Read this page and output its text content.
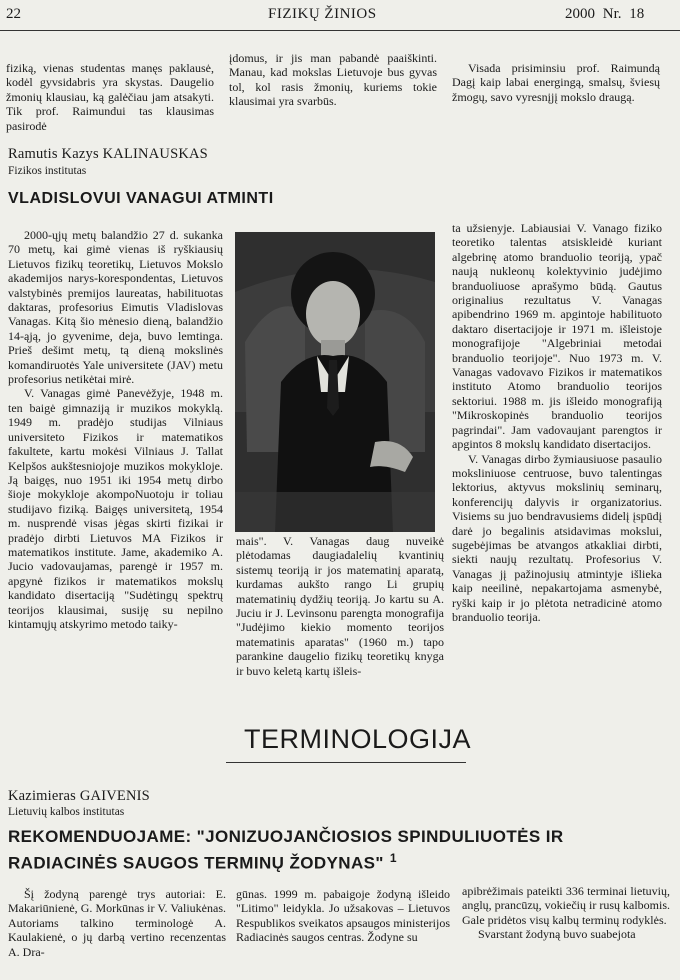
22	FIZIKŲ ŽINIOS	2000 Nr. 18

fiziką, vienas studentas manęs paklausė, kodėl gyvsidabris yra skystas. Daugelio žmonių klausiau, ką galėčiau jam atsakyti. Tik prof. Raimundui tas klausimas pasirodė

įdomus, ir jis man pabandė paaiškinti. Manau, kad mokslas Lietuvoje bus gyvas tol, kol rasis žmonių, kuriems tokie klausimai yra svarbūs.

Visada prisiminsiu prof. Raimundą Dagį kaip labai energingą, smalsų, šviesų žmogų, savo vyresnįjį mokslo draugą.

Ramutis Kazys KALINAUSKAS
Fizikos institutas
VLADISLOVUI VANAGUI ATMINTI

2000-ųjų metų balandžio 27 d. sukanka 70 metų, kai gimė vienas iš ryškiausių Lietuvos fizikų teoretikų, Lietuvos Mokslo akademijos narys-korespondentas, Lietuvos valstybinės premijos laureatas, habilituotas daktaras, profesorius Eimutis Vladislovas Vanagas. Kitą šio mėnesio dieną, balandžio 14-ąją, jo gyvenime, deja, buvo lemtinga. Prieš dešimt metų, tą dieną mokslinės komandiruotės Yale universitete (JAV) metu profesorius netikėtai mirė.

V. Vanagas gimė Panevėžyje, 1948 m. ten baigė gimnaziją ir muzikos mokyklą. 1949 m. pradėjo studijas Vilniaus universiteto Fizikos ir matematikos fakultete, kartu mokėsi Vilniaus J. Tallat Kelpšos aukštesniojoje muzikos mokykloje. Ją baigęs, nuo 1951 iki 1954 metų dirbo šioje mokykloje akompoNuotoju ir toliau studijavo fiziką. Baigęs universitetą, 1954 m. nusprendė visas jėgas skirti fizikai ir pradėjo dirbti Lietuvos MA Fizikos ir matematikos institute. Jame, akademiko A. Jucio vadovaujamas, parengė ir 1957 m. apgynė fizikos ir matematikos mokslų kandidato disertaciją "Sudėtingų spektrų teorijos klausimai, susiję su nepilno kintamųjų atskyrimo metodo taiky-

mais". V. Vanagas daug nuveikė plėtodamas daugiadalelių kvantinių sistemų teoriją ir jos matematinį aparatą, kurdamas aukšto rango Li grupių matematinių dydžių teoriją. Jo kartu su A. Juciu ir J. Levinsonu parengta monografija "Judėjimo kiekio momento teorijos matematinis aparatas" (1960 m.) tapo parankine daugelio fizikų teoretikų knyga ir buvo keletą kartų išleis-

ta užsienyje. Labiausiai V. Vanago fiziko teoretiko talentas atsiskleidė kuriant algebrinę atomo branduolio teoriją, ypač naują nukleonų kolektyvinio judėjimo branduoliuose aprašymo būdą. Gautus originalius rezultatus V. Vanagas apibendrino 1969 m. apgintoje habilituoto daktaro disertacijoje ir 1971 m. išleistoje monografijoje "Algebriniai metodai branduolio teorijoje". Nuo 1973 m. V. Vanagas vadovavo Fizikos ir matematikos instituto Atomo branduolio teorijos sektoriui. 1988 m. jis išleido monografiją "Mikroskopinės branduolio teorijos pagrindai". Jam vadovaujant parengtos ir apgintos 8 mokslų kandidato disertacijos.

V. Vanagas dirbo žymiausiuose pasaulio moksliniuose centruose, buvo talentingas lektorius, aktyvus mokslinių seminarų, konferencijų dalyvis ir organizatorius. Visiems su juo bendravusiems didelį įspūdį darė jo begalinis atsidavimas mokslui, sugebėjimas be atvangos atkakliai dirbti, siekti naujų rezultatų. Profesorius V. Vanagas jį pažinojusių atmintyje išlieka kaip neeilinė, nepakartojama asmenybė, ryški kaip ir jo plėtota netradicinė atomo branduolio teorija.

TERMINOLOGIJA
Kazimieras GAIVENIS
Lietuvių kalbos institutas
REKOMENDUOJAME: "JONIZUOJANČIOSIOS SPINDULIUOTĖS IR
RADIACINĖS SAUGOS TERMINŲ ŽODYNAS" $^1$

Šį žodyną parengė trys autoriai: E. Makariūnienė, G. Morkūnas ir V. Valiukėnas. Autoriams talkino terminologė A. Kaulakienė, o jų darbą vertino recenzentas A. Dra-

gūnas. 1999 m. pabaigoje žodyną išleido "Litimo" leidykla. Jo užsakovas – Lietuvos Respublikos sveikatos apsaugos ministerijos Radiacinės saugos centras. Žodyne su

apibrėžimais pateikti 336 terminai lietuvių, anglų, prancūzų, vokiečių ir rusų kalbomis. Gale pridėtos visų kalbų terminų rodyklės.

Svarstant žodyną buvo suabejota
